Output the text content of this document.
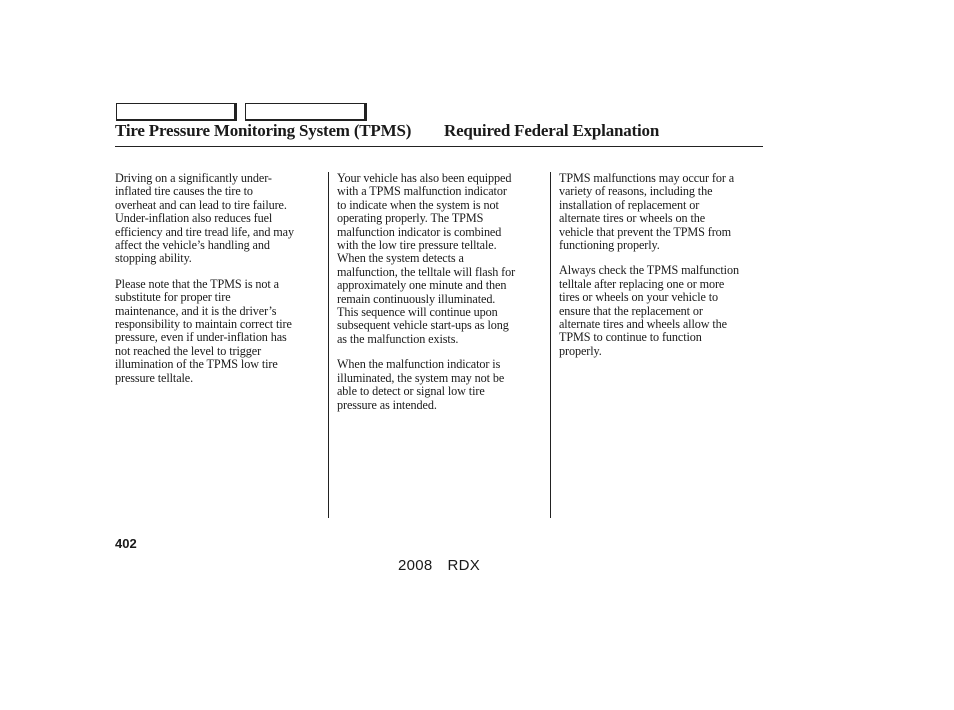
Tire Pressure Monitoring System (TPMS) Required Federal Explanation

Driving on a significantly under-
inflated tire causes the tire to
overheat and can lead to tire failure.
Under-inflation also reduces fuel
efficiency and tire tread life, and may
affect the vehicle’s handling and
stopping ability.

Please note that the TPMS is not a
substitute for proper tire
maintenance, and it is the driver’s
responsibility to maintain correct tire
pressure, even if under-inflation has
not reached the level to trigger
illumination of the TPMS low tire
pressure telltale.

Your vehicle has also been equipped
with a TPMS malfunction indicator
to indicate when the system is not
operating properly. The TPMS
malfunction indicator is combined
with the low tire pressure telltale.
When the system detects a
malfunction, the telltale will flash for
approximately one minute and then
remain continuously illuminated.
This sequence will continue upon
subsequent vehicle start-ups as long
as the malfunction exists.

When the malfunction indicator is
illuminated, the system may not be
able to detect or signal low tire
pressure as intended.

TPMS malfunctions may occur for a
variety of reasons, including the
installation of replacement or
alternate tires or wheels on the
vehicle that prevent the TPMS from
functioning properly.

Always check the TPMS malfunction
telltale after replacing one or more
tires or wheels on your vehicle to
ensure that the replacement or
alternate tires and wheels allow the
TPMS to continue to function
properly.

402
2008  RDX
